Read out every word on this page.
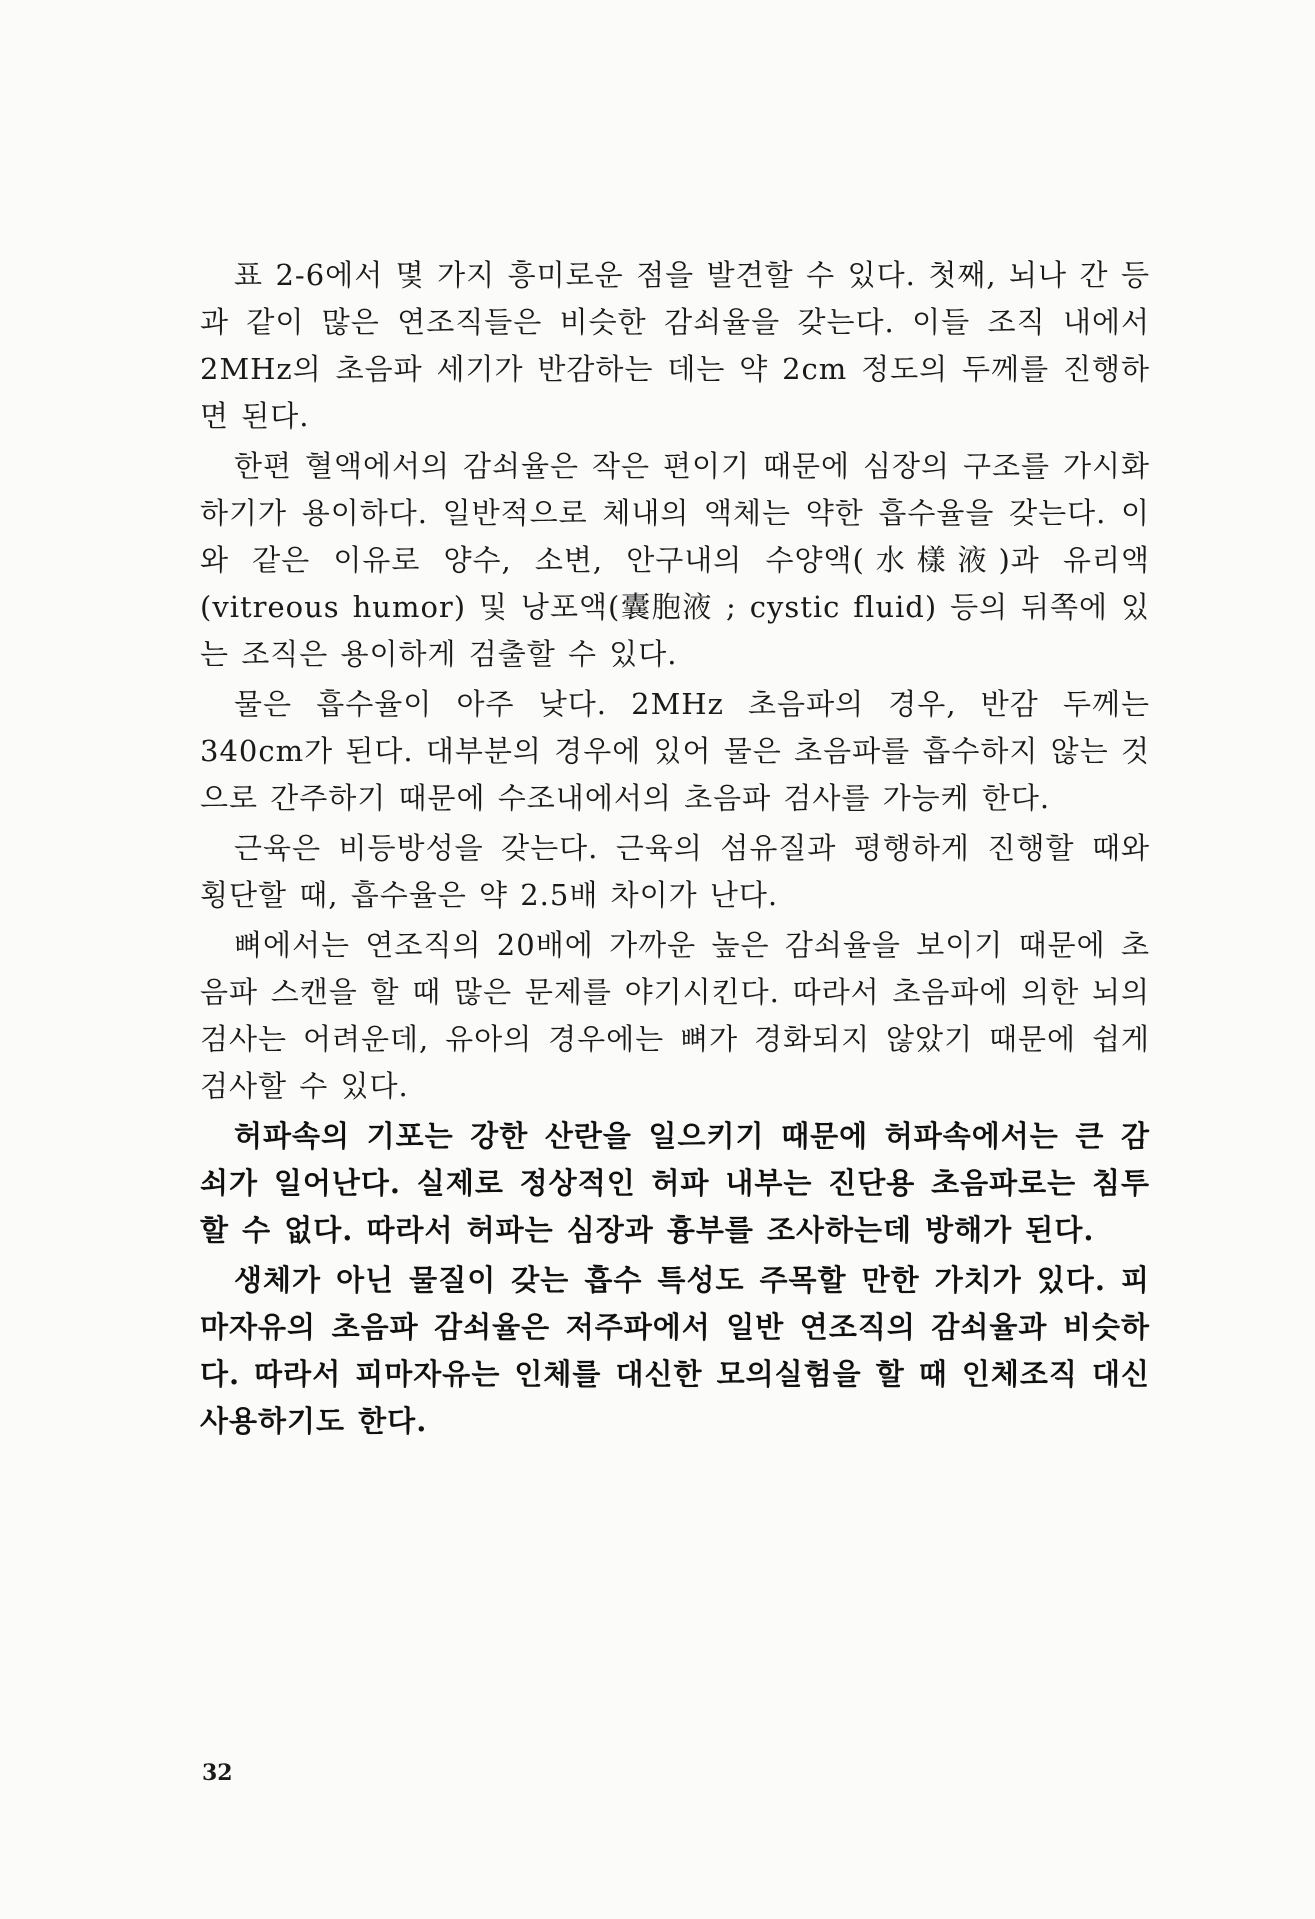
표 2-6에서 몇 가지 흥미로운 점을 발견할 수 있다. 첫째, 뇌나 간 등과 같이 많은 연조직들은 비슷한 감쇠율을 갖는다. 이들 조직 내에서 2MHz의 초음파 세기가 반감하는 데는 약 2cm 정도의 두께를 진행하면 된다.

한편 혈액에서의 감쇠율은 작은 편이기 때문에 심장의 구조를 가시화하기가 용이하다. 일반적으로 체내의 액체는 약한 흡수율을 갖는다. 이와 같은 이유로 양수, 소변, 안구내의 수양액(水樣液)과 유리액(vitreous humor) 및 낭포액(囊胞液 ; cystic fluid) 등의 뒤쪽에 있는 조직은 용이하게 검출할 수 있다.

물은 흡수율이 아주 낮다. 2MHz 초음파의 경우, 반감 두께는 340cm가 된다. 대부분의 경우에 있어 물은 초음파를 흡수하지 않는 것으로 간주하기 때문에 수조내에서의 초음파 검사를 가능케 한다.

근육은 비등방성을 갖는다. 근육의 섬유질과 평행하게 진행할 때와 횡단할 때, 흡수율은 약 2.5배 차이가 난다.

뼈에서는 연조직의 20배에 가까운 높은 감쇠율을 보이기 때문에 초음파 스캔을 할 때 많은 문제를 야기시킨다. 따라서 초음파에 의한 뇌의 검사는 어려운데, 유아의 경우에는 뼈가 경화되지 않았기 때문에 쉽게 검사할 수 있다.

허파속의 기포는 강한 산란을 일으키기 때문에 허파속에서는 큰 감쇠가 일어난다. 실제로 정상적인 허파 내부는 진단용 초음파로는 침투할 수 없다. 따라서 허파는 심장과 흉부를 조사하는데 방해가 된다.

생체가 아닌 물질이 갖는 흡수 특성도 주목할 만한 가치가 있다. 피마자유의 초음파 감쇠율은 저주파에서 일반 연조직의 감쇠율과 비슷하다. 따라서 피마자유는 인체를 대신한 모의실험을 할 때 인체조직 대신 사용하기도 한다.

32
